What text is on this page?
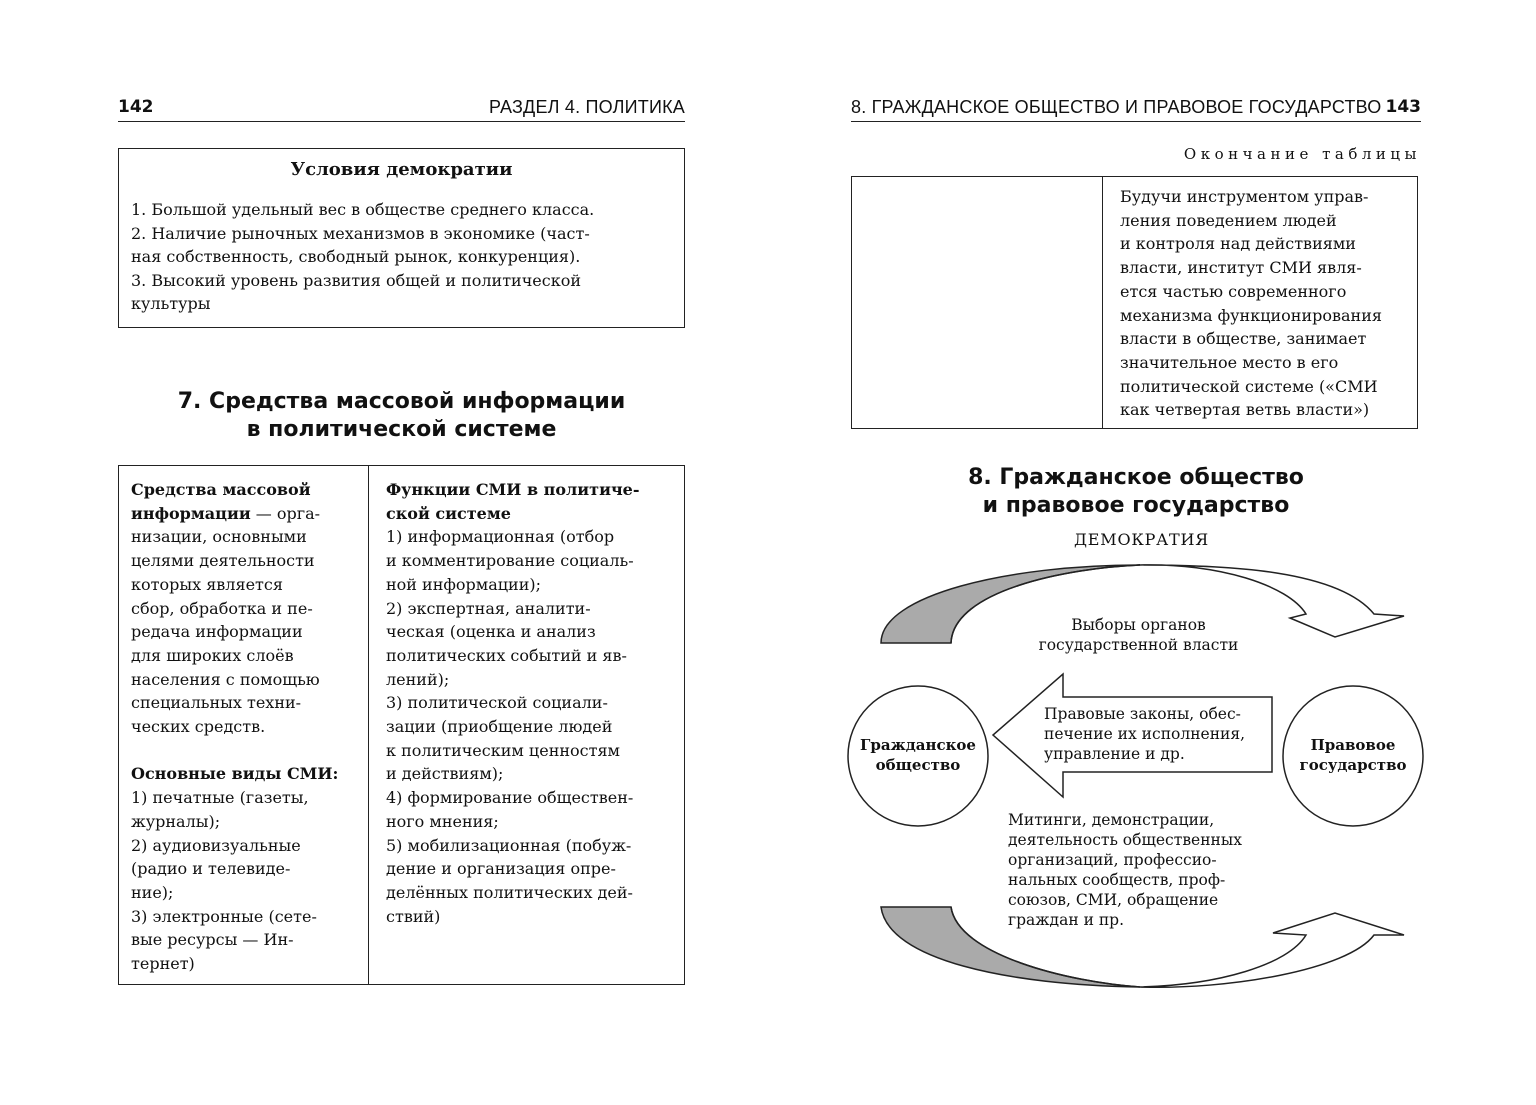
142	РАЗДЕЛ 4. ПОЛИТИКА

Условия демократии

1. Большой удельный вес в обществе среднего класса.

2. Наличие рыночных механизмов в экономике (част-

ная собственность, свободный рынок, конкуренция).

3. Высокий уровень развития общей и политической

культуры

7. Средства массовой информации
в политической системе

Средства массовой

информации — орга-

низации, основными

целями деятельности

которых является

сбор, обработка и пе-

редача информации

для широких слоёв

населения с помощью

специальных техни-

ческих средств.

Основные виды СМИ:

1) печатные (газеты,

журналы);

2) аудиовизуальные

(радио и телевиде-

ние);

3) электронные (сете-

вые ресурсы — Ин-

тернет)

Функции СМИ в политиче-

ской системе

1) информационная (отбор

и комментирование социаль-

ной информации);

2) экспертная, аналити-

ческая (оценка и анализ

политических событий и яв-

лений);

3) политической социали-

зации (приобщение людей

к политическим ценностям

и действиям);

4) формирование обществен-

ного мнения;

5) мобилизационная (побуж-

дение и организация опре-

делённых политических дей-

ствий)

8. ГРАЖДАНСКОЕ ОБЩЕСТВО И ПРАВОВОЕ ГОСУДАРСТВО 143
Окончание таблицы

Будучи инструментом управ-

ления поведением людей

и контроля над действиями

власти, институт СМИ явля-

ется частью современного

механизма функционирования

власти в обществе, занимает

значительное место в его

политической системе («СМИ

как четвертая ветвь власти»)

8. Гражданское общество
и правовое государство
ДЕМОКРАТИЯ
Выборы органов
государственной власти
Правовые законы, обес-
печение их исполнения,
управление и др.
Гражданское
общество
Правовое
государство
Митинги, демонстрации,
деятельность общественных
организаций, профессио-
нальных сообществ, проф-
союзов, СМИ, обращение
граждан и пр.
